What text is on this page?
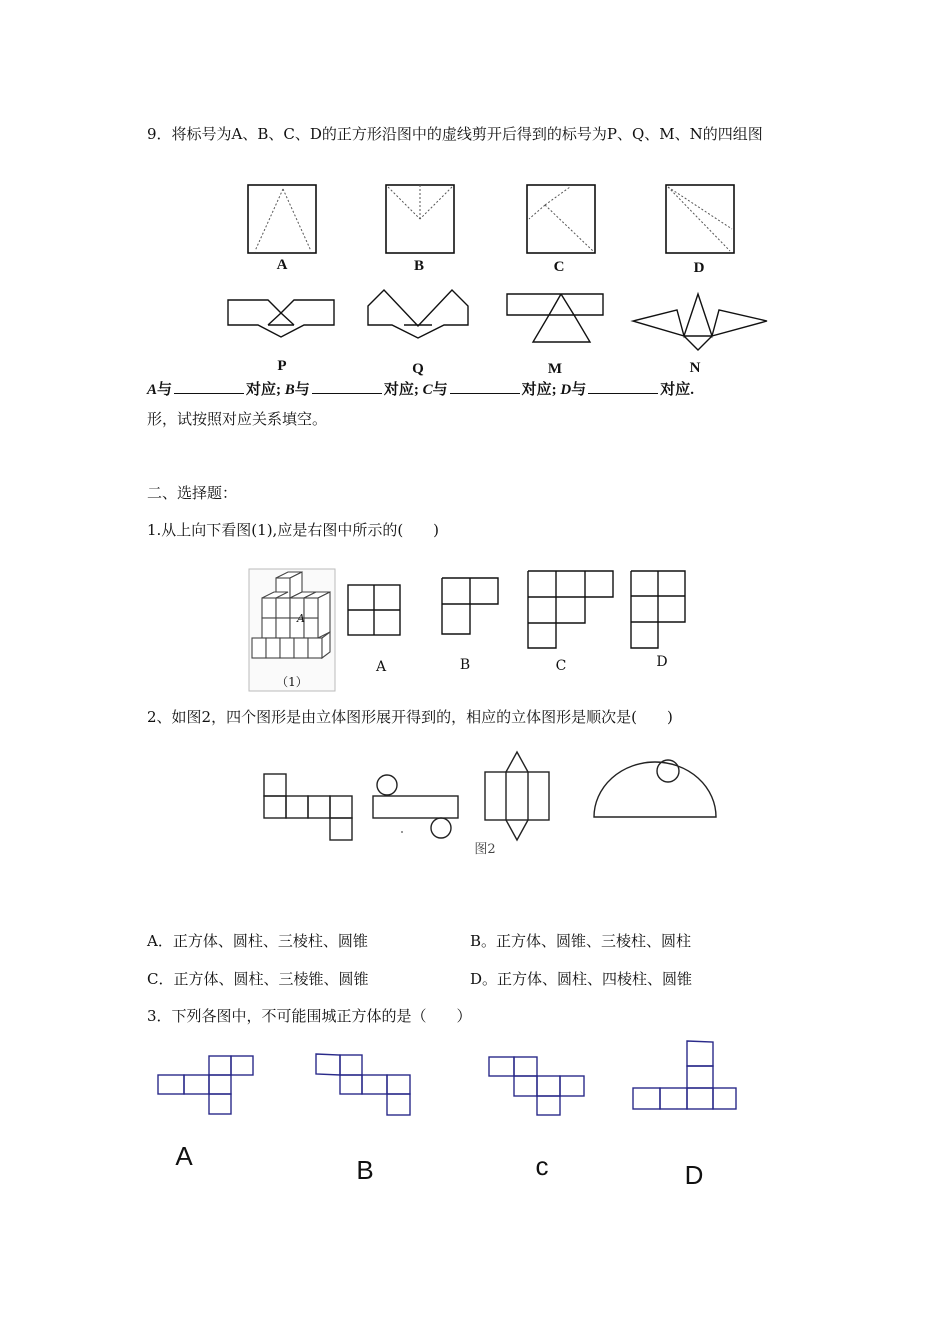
9．将标号为A、B、C、D的正方形沿图中的虚线剪开后得到的标号为P、Q、M、N的四组图
A	B	C	D
P	Q	M	N
A与	对应; B与	对应; C与	对应; D与	对应.
形，试按照对应关系填空。
二、选择题：
1.从上向下看图(1),应是右图中所示的(　　)
A
（1）
A	B	C	D
2、如图2，四个图形是由立体图形展开得到的，相应的立体图形是顺次是(　　)
图2
A．正方体、圆柱、三棱柱、圆锥	B。正方体、圆锥、三棱柱、圆柱
C．正方体、圆柱、三棱锥、圆锥	D。正方体、圆柱、四棱柱、圆锥
3．下列各图中，不可能围城正方体的是（　　）
A	B	c	D
